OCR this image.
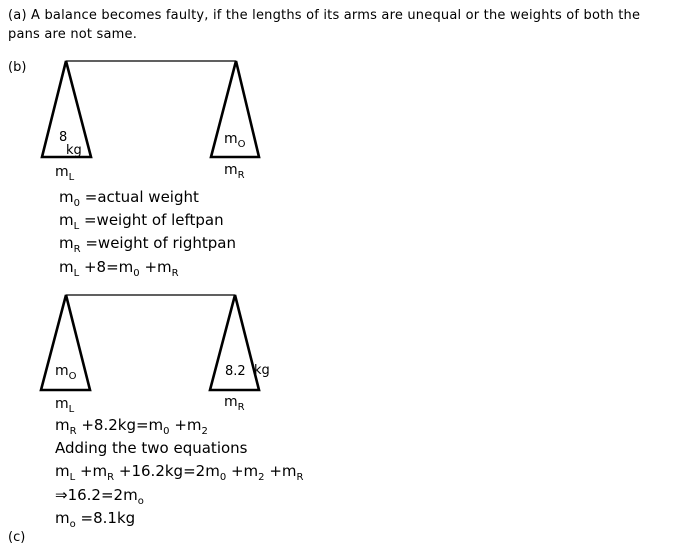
(a) A balance becomes faulty, if the lengths of its arms are unequal or the weights of both the pans are not same.
(b)
8
kg
$m_O$
$m_L$	$m_R$
$m_0$ =actual weight
$m_L$ =weight of leftpan
$m_R$ =weight of rightpan
$m_L +8=m_0 +m_R$
$m_O$	8.2 kg
$m_L$	$m_R$
$m_R +8.2kg=m_0 +m_2$
Adding the two equations
$m_L +m_R +16.2kg=2m_0 +m_2 +m_R$
$\Rightarrow 16.2=2m_o$
$m_o =8.1kg$
(c)
